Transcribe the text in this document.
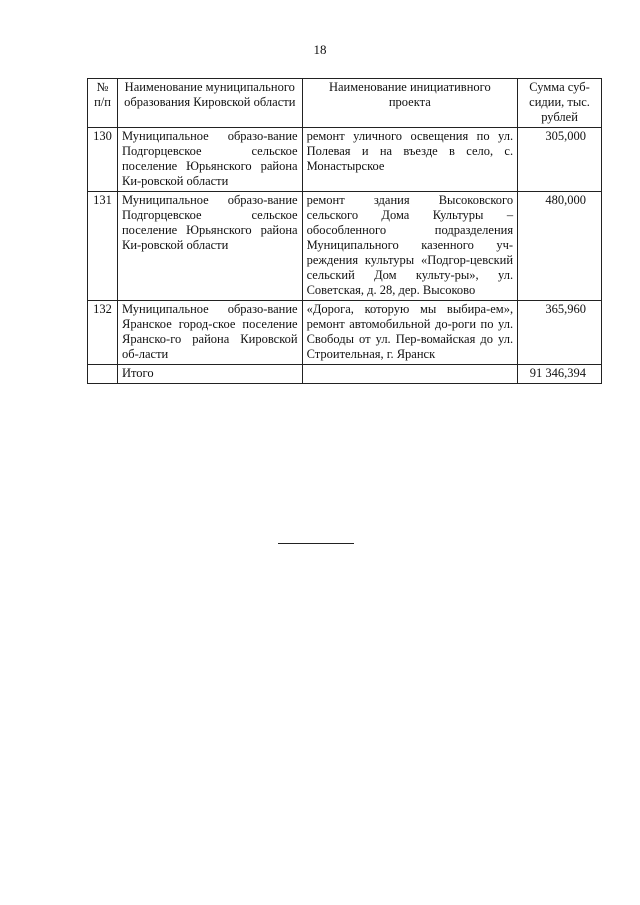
18
№ п/п	Наименование муниципального образования Кировской области	Наименование инициативного проекта	Сумма суб-сидии, тыс. рублей
130	Муниципальное образо-вание Подгорцевское сельское поселение Юрьянского района Ки-ровской области	ремонт уличного освещения по ул. Полевая и на въезде в село, с. Монастырское	305,000
131	Муниципальное образо-вание Подгорцевское сельское поселение Юрьянского района Ки-ровской области	ремонт здания Высоковского сельского Дома Культуры – обособленного подразделения Муниципального казенного уч-реждения культуры «Подгор-цевский сельский Дом культу-ры», ул. Советская, д. 28, дер. Высоково	480,000
132	Муниципальное образо-вание Яранское город-ское поселение Яранско-го района Кировской об-ласти	«Дорога, которую мы выбира-ем», ремонт автомобильной до-роги по ул. Свободы от ул. Пер-вомайская до ул. Строительная, г. Яранск	365,960
	Итого		91 346,394
